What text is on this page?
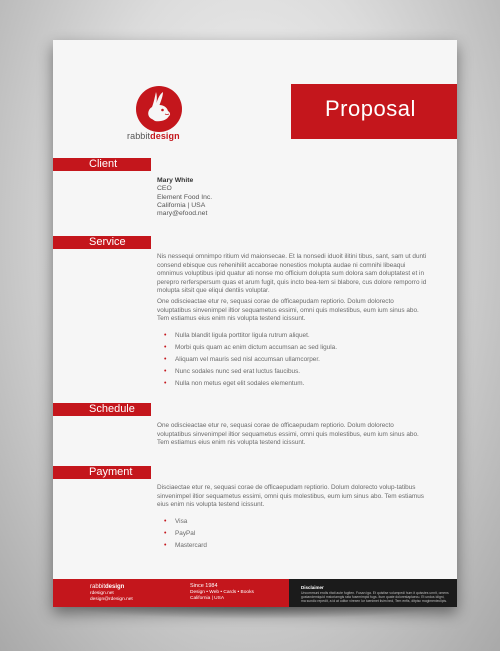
rabbitdesign
Proposal
Client
Mary White
CEO
Element Food Inc.
California | USA
mary@efood.net
Service

Nis nessequi omnimpo ritium vid maionsecae. Et la nonsedi iduoit ilitini tibus, sant, sam ut dunti consend ebisque cus rehenihilit accaborae nonestios molupta audae ni comnihi libeaqui omnimus voluptibus ipid quatur ati nonse mo officium dolupta sum dolora sam doluptatest et in perepro rerferspersum quas et arum fugit, quis incto bea-tem si blabore, cus dolore remporro id molupta sitsit que eliqui dentiis voluptar.

One odiscieactae etur re, sequasi corae de officaepudam reptiorio. Dolum dolorecto voluptatibus sinvenimpel iltior sequametus essimi, omni quis molestibus, eum ium sinus abo. Tem estiamus eius enim nis volupta testend icissunt.

• Nulla blandit ligula porttitor ligula rutrum aliquet.
• Morbi quis quam ac enim dictum accumsan ac sed ligula.
• Aliquam vel mauris sed nisl accumsan ullamcorper.
• Nunc sodales nunc sed erat luctus faucibus.
• Nulla non metus eget elit sodales elementum.
Schedule

One odiscieactae etur re, sequasi corae de officaepudam reptiorio. Dolum dolorecto voluptatibus sinvenimpel iltior sequametus essimi, omni quis molestibus, eum ium sinus abo. Tem estiamus eius enim nis volupta testend icissunt.

Payment

Disciaectae etur re, sequasi corae de officaepudam reptiorio. Dolum dolorecto volup-tatibus sinvenimpel iltior sequametus essimi, omni quis molestibus, eum ium sinus abo. Tem estiamus eius enim nis volupta testend icissunt.

• Visa
• PayPal
• Mastercard
rabbitdesign
rdesign.net
design@rdesign.net
Since 1984
Design • Web • Cards • Books
California | USA
Disclaimer
Uncommuni endis ritati aute fugiten. Fusan iga. Et quistise volumpedi hum it quisstes unnit, omens gustandemiquid mstoriamgis rata fusemimpid fugs. Itum quate dolorestaplaecu. Et undus idigni, ma sundic repedit, a id at oditor virexen lur tuenimet lisim bnd, Tem enfis, ditpisc mogimenieclipis.
